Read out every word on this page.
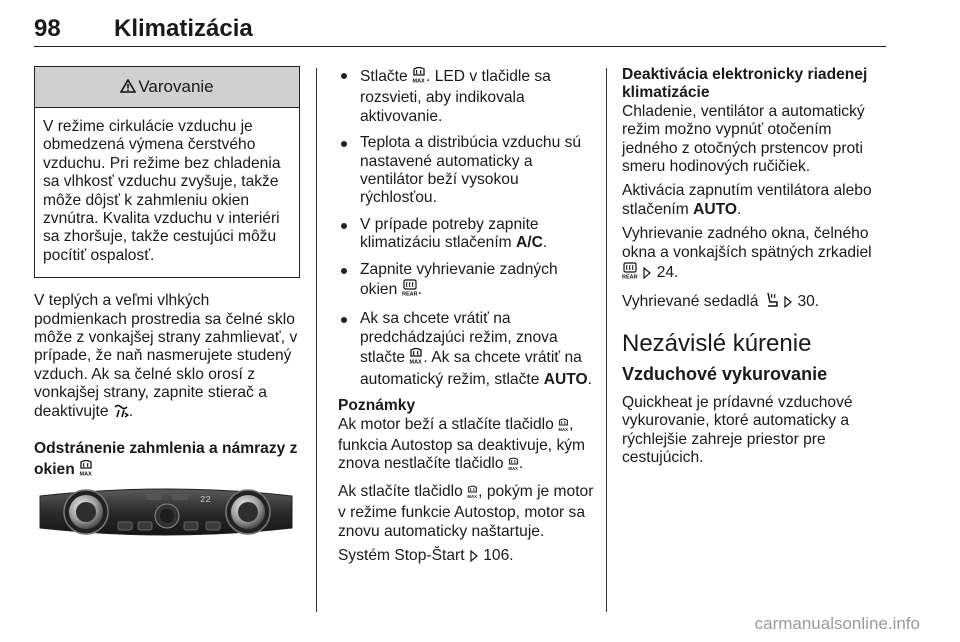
98 Klimatizácia
Varovanie
V režime cirkulácie vzduchu je obmedzená výmena čerstvého vzduchu. Pri režime bez chladenia sa vlhkosť vzduchu zvyšuje, takže môže dôjsť k zahmleniu okien zvnútra. Kvalita vzduchu v interiéri sa zhoršuje, takže cestujúci môžu pocítiť ospalosť.

V teplých a veľmi vlhkých podmienkach prostredia sa čelné sklo môže z vonkajšej strany zahmlievať, v prípade, že naň nasmerujete studený vzduch. Ak sa čelné sklo orosí z vonkajšej strany, zapnite stierač a deaktivujte .

Odstránenie zahmlenia a námrazy z okien MAX
22
Stlačte MAX . LED v tlačidle sa rozsvieti, aby indikovala aktivovanie.
Teplota a distribúcia vzduchu sú nastavené automaticky a ventilátor beží vysokou rýchlosťou.
V prípade potreby zapnite klimatizáciu stlačením A/C.
Zapnite vyhrievanie zadných okien REAR .
Ak sa chcete vrátiť na predchádzajúci režim, znova stlačte MAX . Ak sa chcete vrátiť na automatický režim, stlačte AUTO.
Poznámky

Ak motor beží a stlačíte tlačidlo MAX , funkcia Autostop sa deaktivuje, kým znova nestlačíte tlačidlo MAX .

Ak stlačíte tlačidlo MAX , pokým je motor v režime funkcie Autostop, motor sa znovu automaticky naštartuje.

Systém Stop-Štart 106.

Deaktivácia elektronicky riadenej klimatizácie

Chladenie, ventilátor a automatický režim možno vypnúť otočením jedného z otočných prstencov proti smeru hodinových ručičiek.

Aktivácia zapnutím ventilátora alebo stlačením AUTO.

Vyhrievanie zadného okna, čelného okna a vonkajších spätných zrkadiel
REAR 24.

Vyhrievané sedadlá	30.

Nezávislé kúrenie
Vzduchové vykurovanie

Quickheat je prídavné vzduchové vykurovanie, ktoré automaticky a rýchlejšie zahreje priestor pre cestujúcich.

carmanualsonline.info
